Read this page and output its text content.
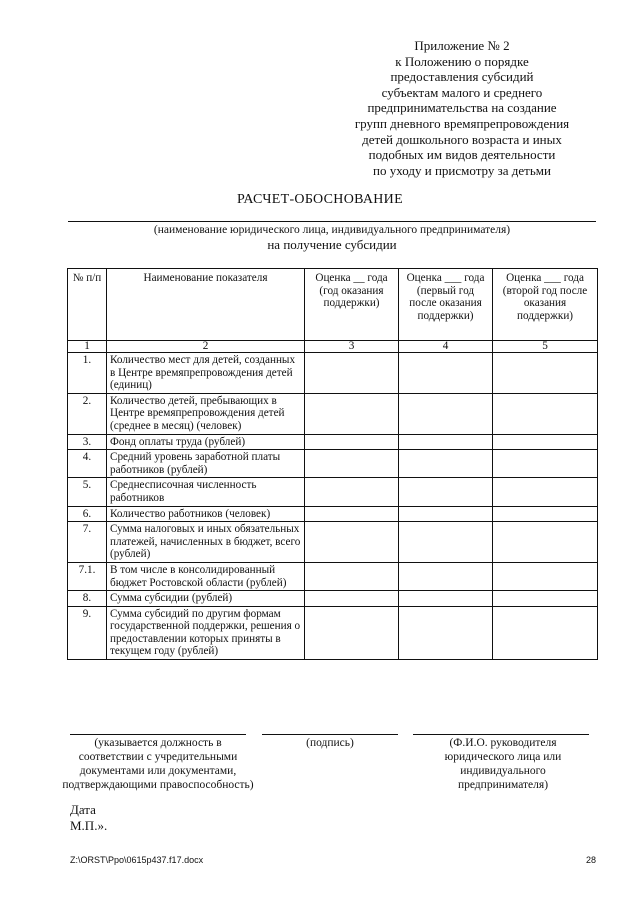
Приложение № 2
к Положению о порядке
предоставления субсидий
субъектам малого и среднего
предпринимательства на создание
групп дневного времяпрепровождения
детей дошкольного возраста и иных
подобных им видов деятельности
по уходу и присмотру за детьми
РАСЧЕТ-ОБОСНОВАНИЕ
(наименование юридического лица, индивидуального предпринимателя)
на получение субсидии
№ п/п	Наименование показателя	Оценка __ года (год оказания поддержки)	Оценка ___ года (первый год после оказания поддержки)	Оценка ___ года (второй год после оказания поддержки)
1	2	3	4	5
1.	Количество мест для детей, созданных в Центре времяпрепровождения детей (единиц)			
2.	Количество детей, пребывающих в Центре времяпрепровождения детей (среднее в месяц) (человек)			
3.	Фонд оплаты труда (рублей)			
4.	Средний уровень заработной платы работников (рублей)			
5.	Среднесписочная численность работников			
6.	Количество работников (человек)			
7.	Сумма налоговых и иных обязательных платежей, начисленных в бюджет, всего (рублей)			
7.1.	В том числе в консолидированный бюджет Ростовской области (рублей)			
8.	Сумма субсидии (рублей)			
9.	Сумма субсидий по другим формам государственной поддержки, решения о предоставлении которых приняты в текущем году (рублей)			
(указывается должность в соответствии с учредительными документами или документами, подтверждающими правоспособность)
(подпись)	(Ф.И.О. руководителя юридического лица или индивидуального предпринимателя)
Дата
М.П.».
Z:\ORST\Ppo\0615p437.f17.docx	28
